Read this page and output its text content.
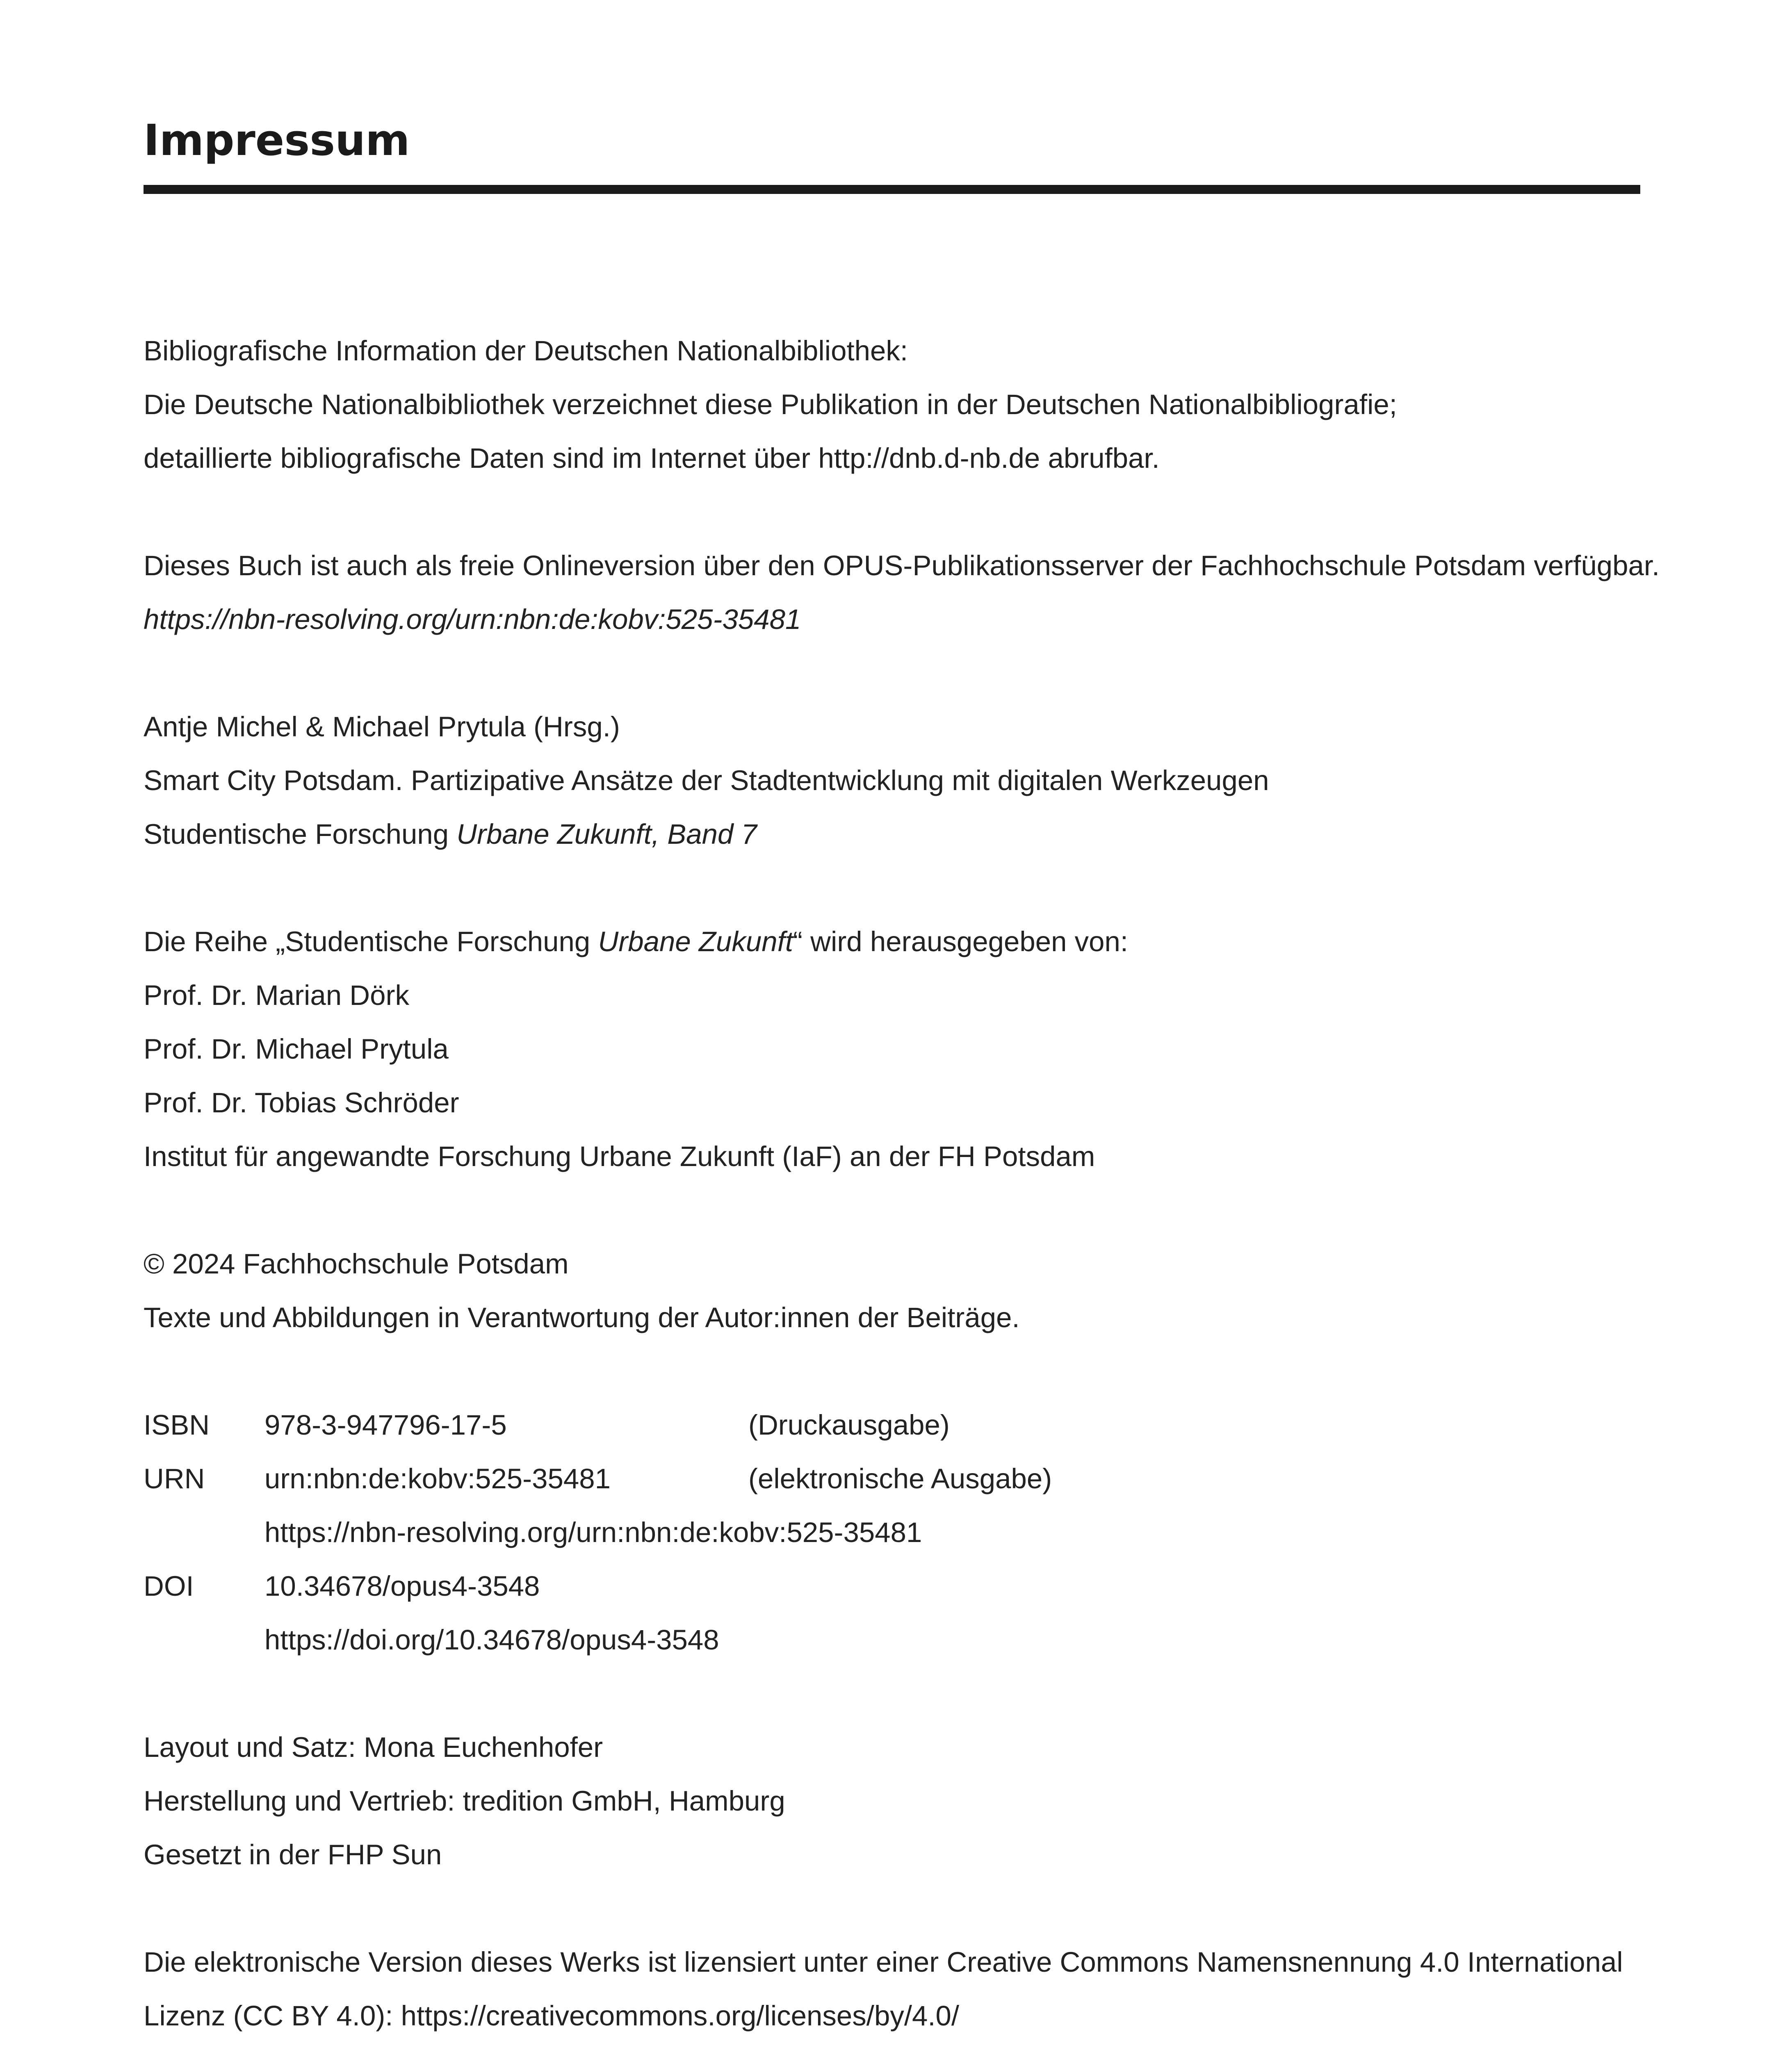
Impressum
Bibliografische Information der Deutschen Nationalbibliothek:
Die Deutsche Nationalbibliothek verzeichnet diese Publikation in der Deutschen Nationalbibliografie;
detaillierte bibliografische Daten sind im Internet über http://dnb.d-nb.de abrufbar.
Dieses Buch ist auch als freie Onlineversion über den OPUS-Publikationsserver der Fachhochschule Potsdam verfügbar.
https://nbn-resolving.org/urn:nbn:de:kobv:525-35481
Antje Michel & Michael Prytula (Hrsg.)
Smart City Potsdam. Partizipative Ansätze der Stadtentwicklung mit digitalen Werkzeugen
Studentische Forschung Urbane Zukunft, Band 7
Die Reihe „Studentische Forschung Urbane Zukunft“ wird herausgegeben von:
Prof. Dr. Marian Dörk
Prof. Dr. Michael Prytula
Prof. Dr. Tobias Schröder
Institut für angewandte Forschung Urbane Zukunft (IaF) an der FH Potsdam
© 2024 Fachhochschule Potsdam
Texte und Abbildungen in Verantwortung der Autor:innen der Beiträge.
ISBN 978-3-947796-17-5	(Druckausgabe)
URN urn:nbn:de:kobv:525-35481	(elektronische Ausgabe)
https://nbn-resolving.org/urn:nbn:de:kobv:525-35481
DOI 10.34678/opus4-3548
https://doi.org/10.34678/opus4-3548
Layout und Satz: Mona Euchenhofer
Herstellung und Vertrieb: tredition GmbH, Hamburg
Gesetzt in der FHP Sun
Die elektronische Version dieses Werks ist lizensiert unter einer Creative Commons Namensnennung 4.0 International
Lizenz (CC BY 4.0): https://creativecommons.org/licenses/by/4.0/
